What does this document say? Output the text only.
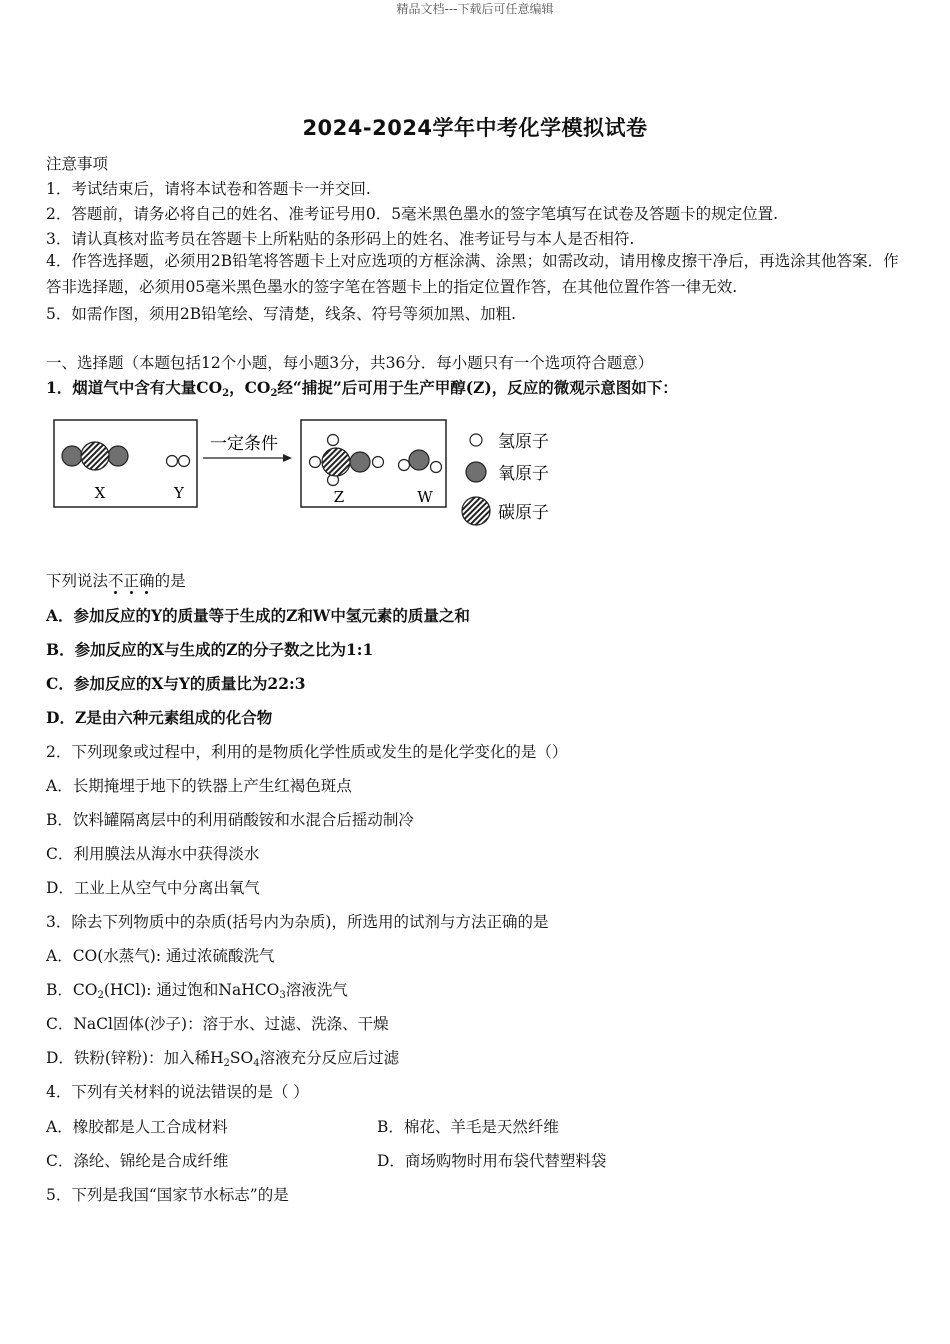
精品文档---下载后可任意编辑
2024-2024学年中考化学模拟试卷
注意事项
1．考试结束后，请将本试卷和答题卡一并交回.
2．答题前，请务必将自己的姓名、准考证号用0．5毫米黑色墨水的签字笔填写在试卷及答题卡的规定位置.
3．请认真核对监考员在答题卡上所粘贴的条形码上的姓名、准考证号与本人是否相符.
4．作答选择题，必须用2B铅笔将答题卡上对应选项的方框涂满、涂黑；如需改动，请用橡皮擦干净后，再选涂其他答案．作答非选择题，必须用05毫米黑色墨水的签字笔在答题卡上的指定位置作答，在其他位置作答一律无效.
5．如需作图，须用2B铅笔绘、写清楚，线条、符号等须加黑、加粗.
一、选择题（本题包括12个小题，每小题3分，共36分．每小题只有一个选项符合题意）
1．烟道气中含有大量$CO_2$，$CO_2$经“捕捉”后可用于生产甲醇(Z)，反应的微观示意图如下：
X	Y
一定条件
Z	W
氢原子
氧原子
碳原子
下列说法不正确的是
A．参加反应的Y的质量等于生成的Z和W中氢元素的质量之和
B．参加反应的X与生成的Z的分子数之比为1:1
C．参加反应的X与Y的质量比为22:3
D．Z是由六种元素组成的化合物
2．下列现象或过程中，利用的是物质化学性质或发生的是化学变化的是（）
A．长期掩埋于地下的铁器上产生红褐色斑点
B．饮料罐隔离层中的利用硝酸铵和水混合后摇动制冷
C．利用膜法从海水中获得淡水
D．工业上从空气中分离出氧气
3．除去下列物质中的杂质(括号内为杂质)，所选用的试剂与方法正确的是
A．CO(水蒸气): 通过浓硫酸洗气
B．$CO_2(HCl)$: 通过饱和NaHCO$_3$溶液洗气
C．NaCl固体(沙子)：溶于水、过滤、洗涤、干燥
D．铁粉(锌粉)：加入稀$H_2SO_4$溶液充分反应后过滤
4．下列有关材料的说法错误的是（ ）
A．橡胶都是人工合成材料	B．棉花、羊毛是天然纤维
C．涤纶、锦纶是合成纤维	D．商场购物时用布袋代替塑料袋
5．下列是我国“国家节水标志”的是
